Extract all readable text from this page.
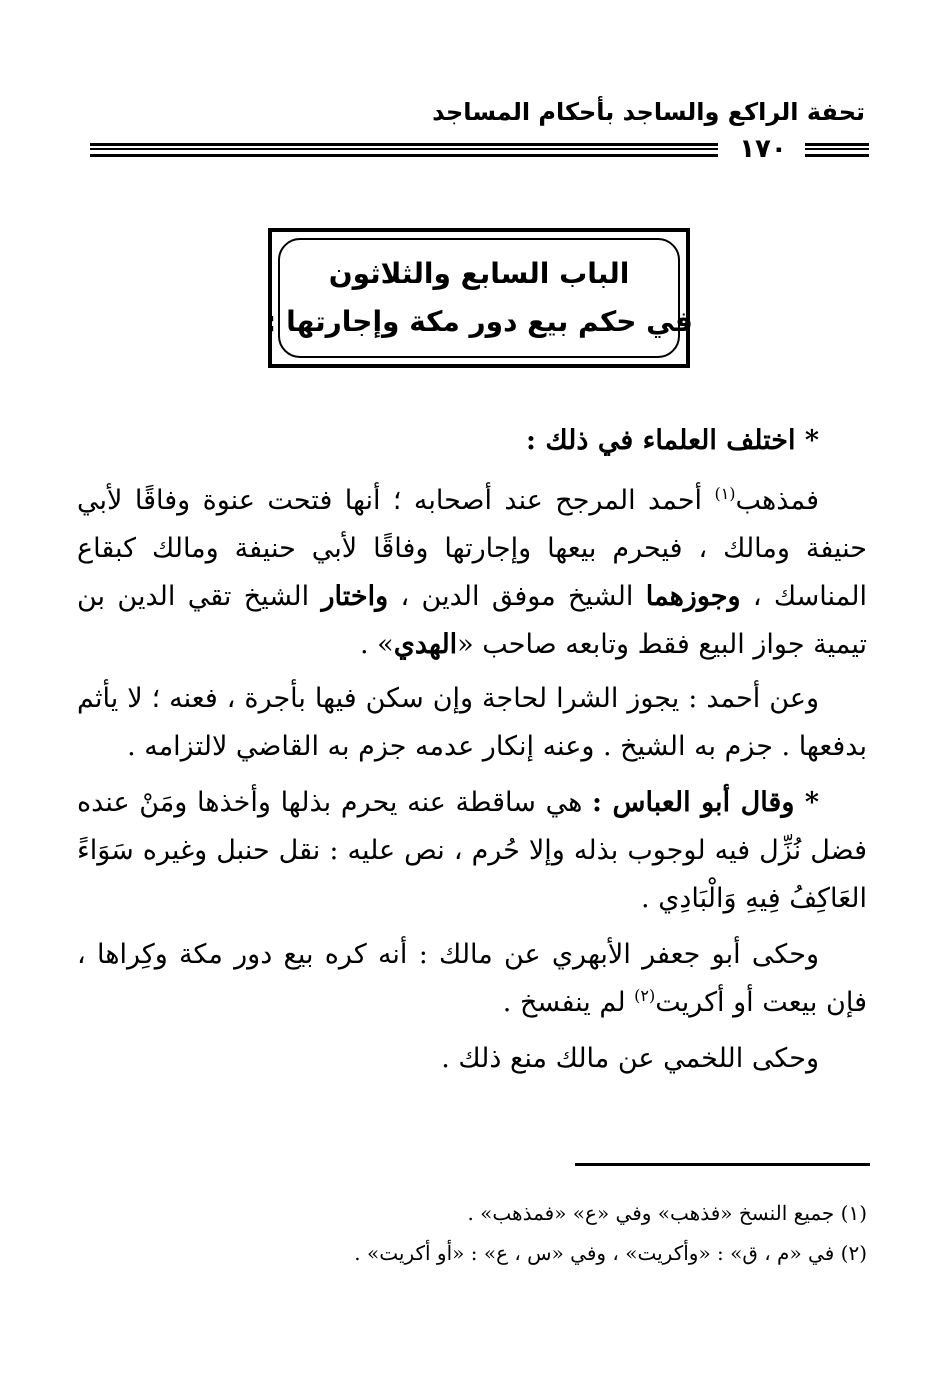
تحفة الراكع والساجد بأحكام المساجد
١٧٠
الباب السابع والثلاثون
في حكم بيع دور مكة وإجارتها :

* اختلف العلماء في ذلك :

فمذهب$^{(١)}$ أحمد المرجح عند أصحابه ؛ أنها فتحت عنوة وفاقًا لأبي حنيفة ومالك ، فيحرم بيعها وإجارتها وفاقًا لأبي حنيفة ومالك كبقاع المناسك ، وجوزهما الشيخ موفق الدين ، واختار الشيخ تقي الدين بن تيمية جواز البيع فقط وتابعه صاحب «الهدي» .

وعن أحمد : يجوز الشرا لحاجة وإن سكن فيها بأجرة ، فعنه ؛ لا يأثم بدفعها . جزم به الشيخ . وعنه إنكار عدمه جزم به القاضي لالتزامه .

* وقال أبو العباس : هي ساقطة عنه يحرم بذلها وأخذها ومَنْ عنده فضل نُزِّل فيه لوجوب بذله وإلا حُرم ، نص عليه : نقل حنبل وغيره سَوَاءً العَاكِفُ فِيهِ وَالْبَادِي .

وحكى أبو جعفر الأبهري عن مالك : أنه كره بيع دور مكة وكِراها ، فإن بيعت أو أكريت$^{(٢)}$ لم ينفسخ .

وحكى اللخمي عن مالك منع ذلك .

(١) جميع النسخ «فذهب» وفي «ع» «فمذهب» .

(٢) في «م ، ق» : «وأكريت» ، وفي «س ، ع» : «أو أكريت» .
